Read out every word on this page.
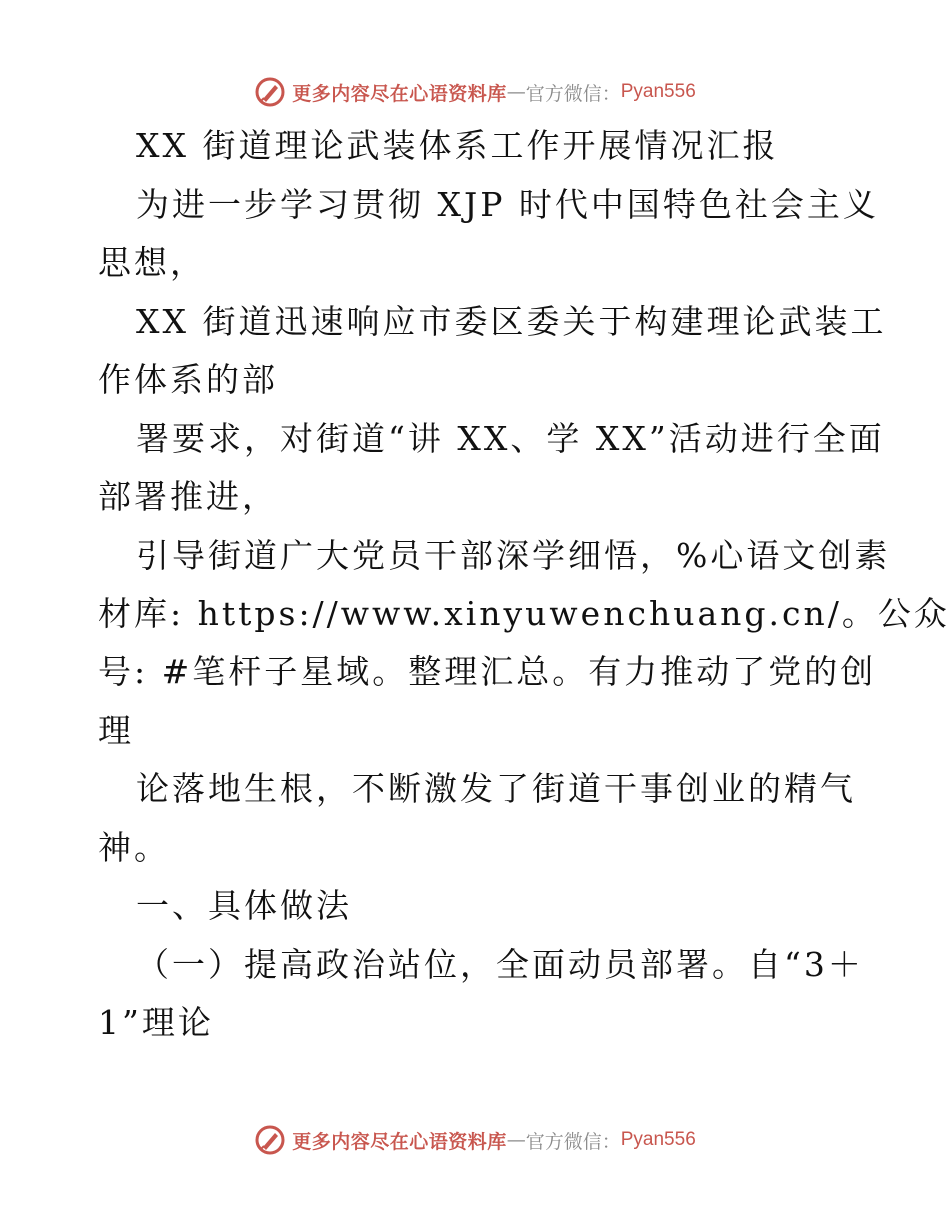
更多内容尽在心语资料库 — 官方微信： Pyan556
XX 街道理论武装体系工作开展情况汇报
为进一步学习贯彻 XJP 时代中国特色社会主义
思想，
XX 街道迅速响应市委区委关于构建理论武装工
作体系的部
署要求，对街道“讲 XX、学 XX”活动进行全面
部署推进，
引导街道广大党员干部深学细悟，%心语文创素
材库: https://www.xinyuwenchuang.cn/。公众
号: #笔杆子星域。整理汇总。有力推动了党的创
理
论落地生根，不断激发了街道干事创业的精气
神。
一、具体做法
（一）提高政治站位，全面动员部署。自“3＋
1”理论
更多内容尽在心语资料库 — 官方微信： Pyan556
